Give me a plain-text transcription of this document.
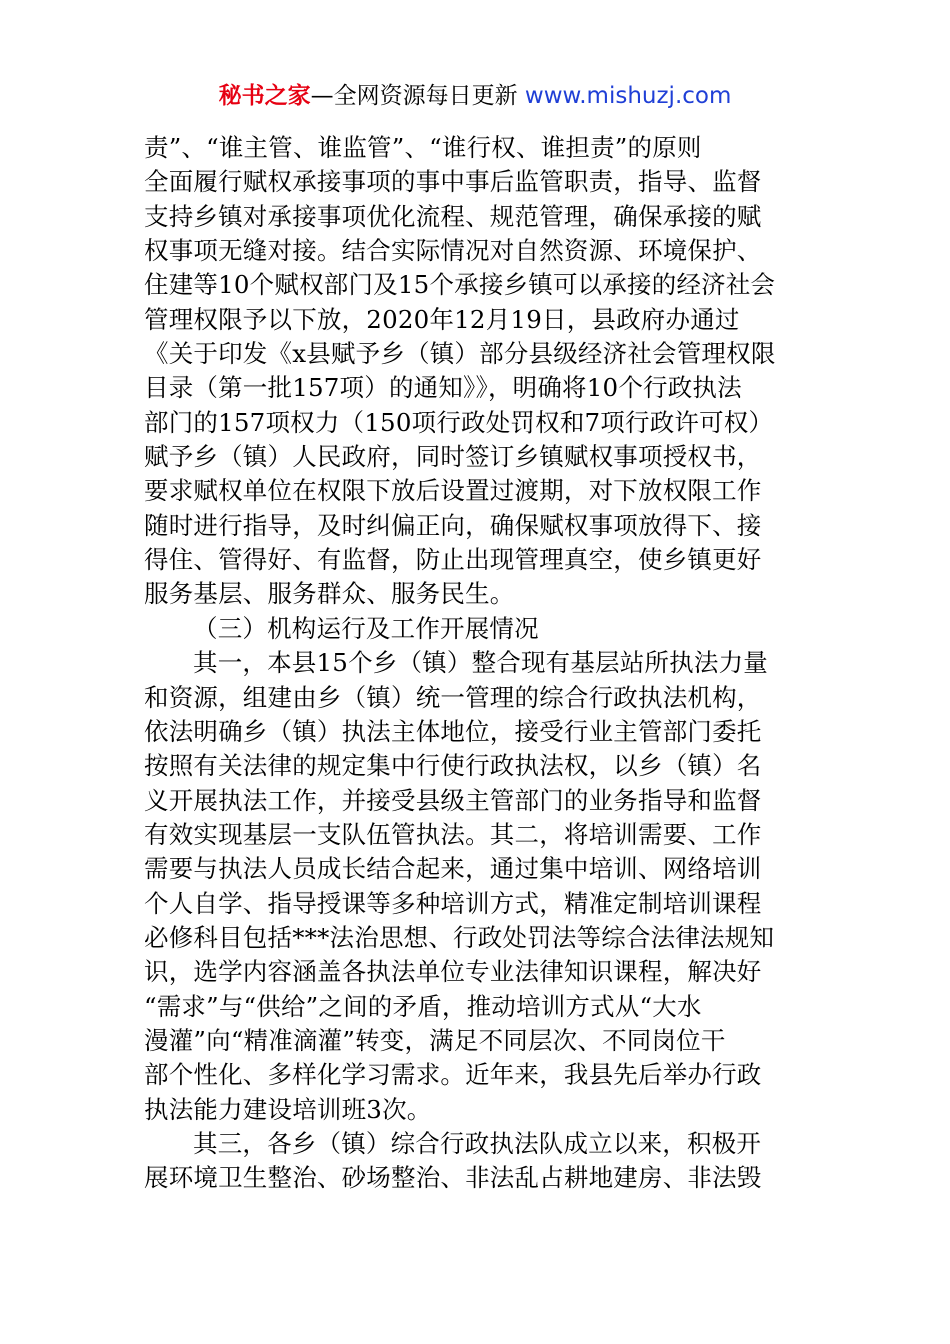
秘书之家—全网资源每日更新 www.mishuzj.com

责”、“谁主管、谁监管”、“谁行权、谁担责”的原则
全面履行赋权承接事项的事中事后监管职责，指导、监督
支持乡镇对承接事项优化流程、规范管理，确保承接的赋
权事项无缝对接。结合实际情况对自然资源、环境保护、
住建等10个赋权部门及15个承接乡镇可以承接的经济社会
管理权限予以下放，2020年12月19日，县政府办通过
《关于印发《x县赋予乡（镇）部分县级经济社会管理权限
目录（第一批157项）的通知》》，明确将10个行政执法
部门的157项权力（150项行政处罚权和7项行政许可权）
赋予乡（镇）人民政府，同时签订乡镇赋权事项授权书，
要求赋权单位在权限下放后设置过渡期，对下放权限工作
随时进行指导，及时纠偏正向，确保赋权事项放得下、接
得住、管得好、有监督，防止出现管理真空，使乡镇更好
服务基层、服务群众、服务民生。

（三）机构运行及工作开展情况

其一，本县15个乡（镇）整合现有基层站所执法力量
和资源，组建由乡（镇）统一管理的综合行政执法机构，
依法明确乡（镇）执法主体地位，接受行业主管部门委托
按照有关法律的规定集中行使行政执法权，以乡（镇）名
义开展执法工作，并接受县级主管部门的业务指导和监督
有效实现基层一支队伍管执法。其二，将培训需要、工作
需要与执法人员成长结合起来，通过集中培训、网络培训
个人自学、指导授课等多种培训方式，精准定制培训课程
必修科目包括***法治思想、行政处罚法等综合法律法规知
识，选学内容涵盖各执法单位专业法律知识课程，解决好
“需求”与“供给”之间的矛盾，推动培训方式从“大水
漫灌”向“精准滴灌”转变，满足不同层次、不同岗位干
部个性化、多样化学习需求。近年来，我县先后举办行政
执法能力建设培训班3次。

其三，各乡（镇）综合行政执法队成立以来，积极开
展环境卫生整治、砂场整治、非法乱占耕地建房、非法毁
